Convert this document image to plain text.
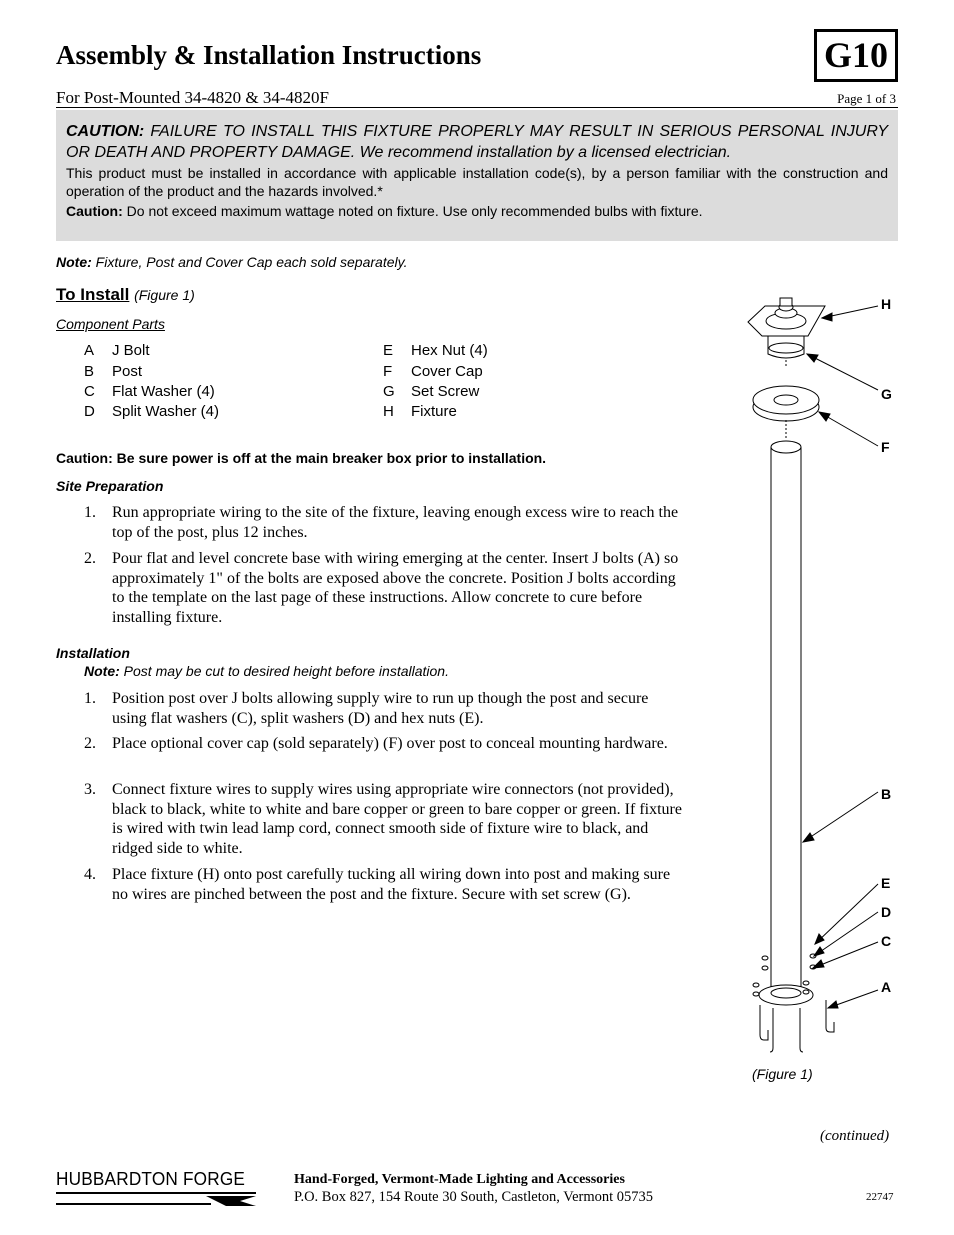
Assembly & Installation Instructions	G10
For Post-Mounted 34-4820 & 34-4820F	Page 1 of 3
CAUTION: FAILURE TO INSTALL THIS FIXTURE PROPERLY MAY RESULT IN SERIOUS PERSONAL INJURY OR DEATH AND PROPERTY DAMAGE. We recommend installation by a licensed electrician.
This product must be installed in accordance with applicable installation code(s), by a person familiar with the construction and operation of the product and the hazards involved.*
Caution: Do not exceed maximum wattage noted on fixture. Use only recommended bulbs with fixture.
Note: Fixture, Post and Cover Cap each sold separately.
To Install (Figure 1)
Component Parts
A J Bolt
B Post
C Flat Washer (4)
D Split Washer (4)
E Hex Nut (4)
F Cover Cap
G Set Screw
H Fixture
Caution: Be sure power is off at the main breaker box prior to installation.
Site Preparation
1. Run appropriate wiring to the site of the fixture, leaving enough excess wire to reach the top of the post, plus 12 inches.
2. Pour flat and level concrete base with wiring emerging at the center. Insert J bolts (A) so approximately 1" of the bolts are exposed above the concrete. Position J bolts according to the template on the last page of these instructions. Allow concrete to cure before installing fixture.
Installation
Note: Post may be cut to desired height before installation.
1. Position post over J bolts allowing supply wire to run up though the post and secure using flat washers (C), split washers (D) and hex nuts (E).
2. Place optional cover cap (sold separately) (F) over post to conceal mounting hardware.
3. Connect fixture wires to supply wires using appropriate wire connectors (not provided), black to black, white to white and bare copper or green to bare copper or green. If fixture is wired with twin lead lamp cord, connect smooth side of fixture wire to black, and ridged side to white.
4. Place fixture (H) onto post carefully tucking all wiring down into post and making sure no wires are pinched between the post and the fixture. Secure with set screw (G).
H
G
F
B
E
D
C
A
(Figure 1)
(continued)
HUBBARDTON FORGE	Hand-Forged, Vermont-Made Lighting and Accessories
P.O. Box 827, 154 Route 30 South, Castleton, Vermont 05735	22747
